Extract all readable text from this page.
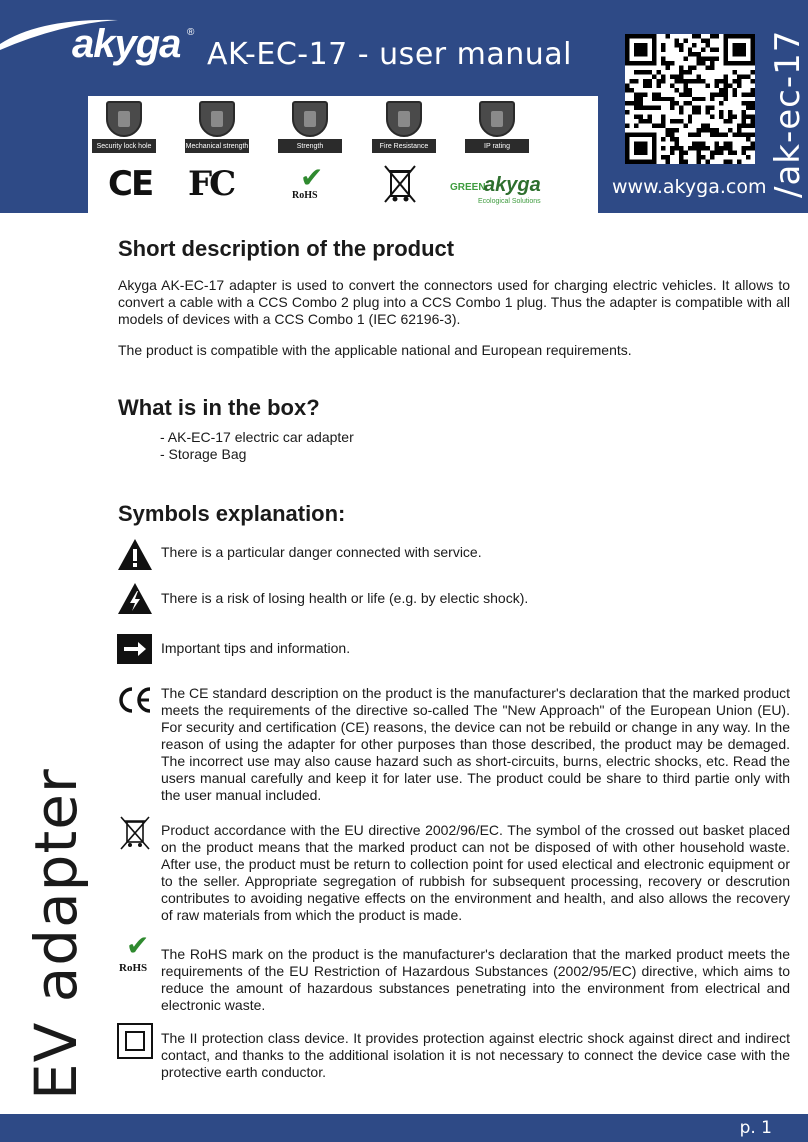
akyga ®
AK-EC-17 - user manual
Security lock hole	Mechanical strength	Strength	Fire Resistance	IP rating
CE FC ✔
RoHS
GREEN
akyga
Ecological Solutions
www.akyga.com /ak-ec-17
EV adapter
Short description of the product

Akyga AK-EC-17 adapter is used to convert the connectors used for charging electric vehicles. It allows to convert a cable with a CCS Combo 2 plug into a CCS Combo 1 plug. Thus the adapter is compatible with all models of devices with a CCS Combo 1 (IEC 62196-3).

The product is compatible with the applicable national and European requirements.

What is in the box?
- AK-EC-17 electric car adapter
- Storage Bag
Symbols explanation:
There is a particular danger connected with service.
There is a risk of losing health or life (e.g. by electic shock).
Important tips and information.
The CE standard description on the product is the manufacturer's declaration that the marked product meets the requirements of the directive so-called The "New Approach" of the European Union (EU). For security and certification (CE) reasons, the device can not be rebuild or change in any way. In the reason of using the adapter for other purposes than those described, the product may be demaged. The incorrect use may also cause hazard such as short-circuits, burns, electric shocks, etc. Read the users manual carefully and keep it for later use. The product could be share to third partie only with the user manual included.
Product accordance with the EU directive 2002/96/EC. The symbol of the crossed out basket placed on the product means that the marked product can not be disposed of with other household waste. After use, the product must be return to collection point for used electical and electronic equipment or to the seller. Appropriate segregation of rubbish for subsequent processing, recovery or descrution contributes to avoiding negative effects on the environment and health, and also allows the recovery of raw materials from which the product is made.
✔
RoHS
The RoHS mark on the product is the manufacturer's declaration that the marked product meets the requirements of the EU Restriction of Hazardous Substances (2002/95/EC) directive, which aims to reduce the amount of hazardous substances penetrating into the environment from electrical and electronic waste.
The II protection class device. It provides protection against electric shock against direct and indirect contact, and thanks to the additional isolation it is not necessary to connect the device case with the protective earth conductor.
p. 1
